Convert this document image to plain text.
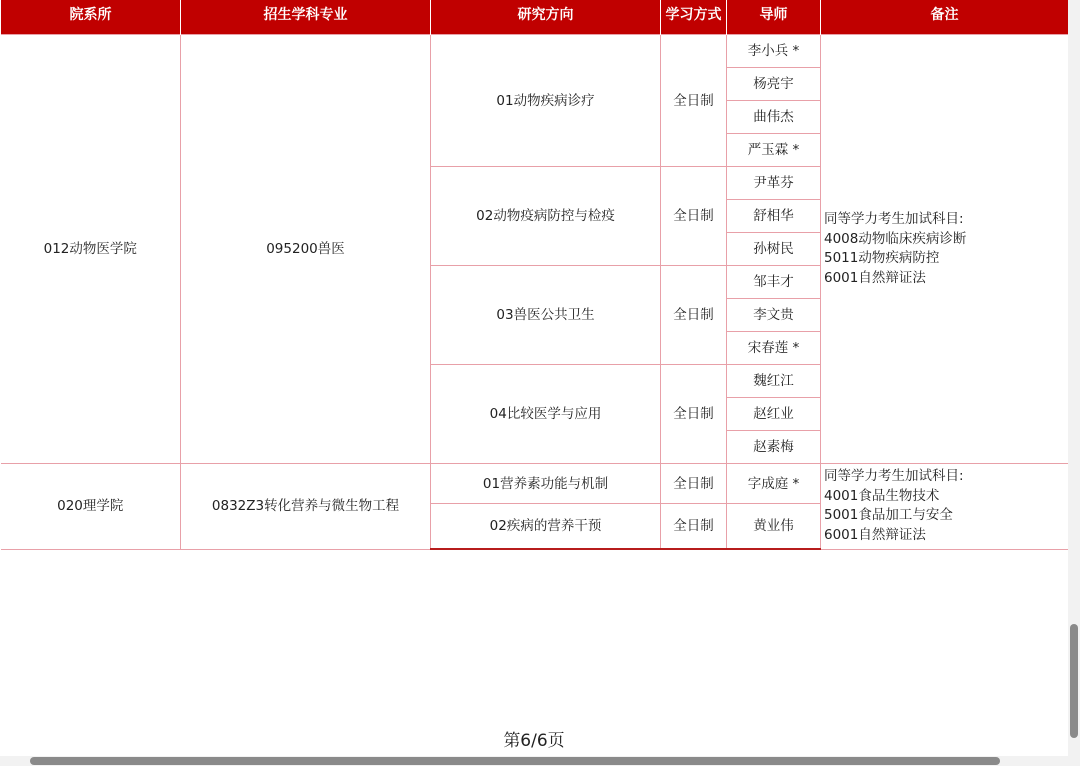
院系所	招生学科专业	研究方向	学习方式	导师	备注
012动物医学院	095200兽医	01动物疾病诊疗	全日制	李小兵 *	同等学力考生加试科目:
4008动物临床疾病诊断
5011动物疾病防控
6001自然辩证法

				杨亮宇	
				曲伟杰	
				严玉霖 *	
		02动物疫病防控与检疫	全日制	尹革芬	
				舒相华	
				孙树民	
		03兽医公共卫生	全日制	邹丰才	
				李文贵	
				宋春莲 *	
		04比较医学与应用	全日制	魏红江	
				赵红业	
				赵素梅	
020理学院	0832Z3转化营养与微生物工程	01营养素功能与机制	全日制	字成庭 *	同等学力考生加试科目:
4001食品生物技术
5001食品加工与安全
6001自然辩证法

		02疾病的营养干预	全日制	黄业伟	
第6/6页
